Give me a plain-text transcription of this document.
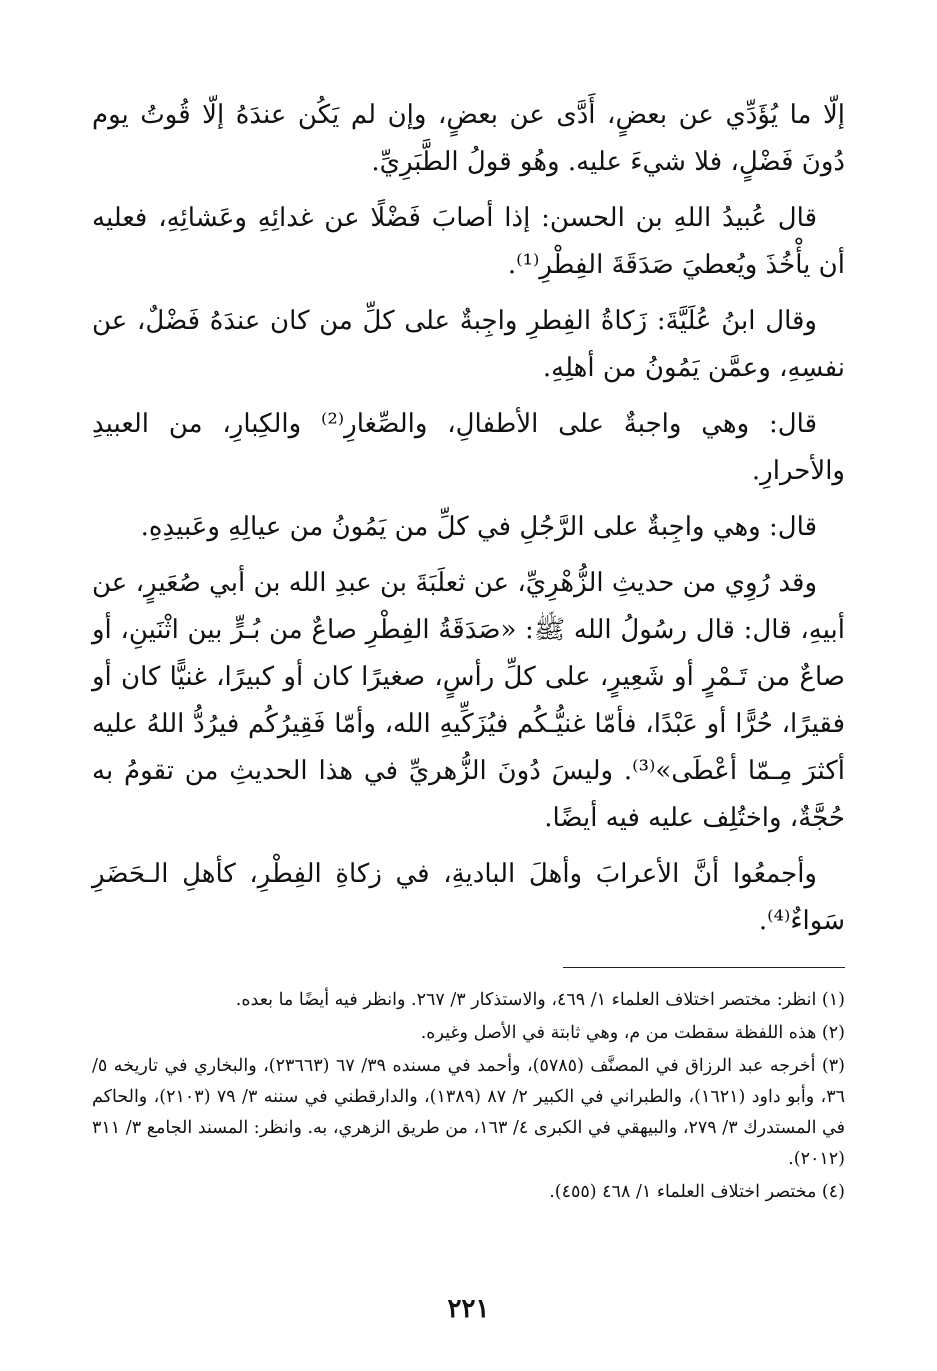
إلّا ما يُؤَدِّي عن بعضٍ، أَدَّى عن بعضٍ، وإن لم يَكُن عندَهُ إلّا قُوتُ يوم دُونَ فَضْلٍ، فلا شيءَ عليه. وهُو قولُ الطَّبَرِيِّ.

قال عُبيدُ اللهِ بن الحسن: إذا أصابَ فَضْلًا عن غدائِهِ وعَشائِهِ، فعليه أن يأْخُذَ ويُعطيَ صَدَقَةَ الفِطْرِ⁽¹⁾.

وقال ابنُ عُلَيَّةَ: زَكاةُ الفِطرِ واجِبةٌ على كلِّ من كان عندَهُ فَضْلٌ، عن نفسِهِ، وعمَّن يَمُونُ من أهلِهِ.

قال: وهي واجبةٌ على الأطفالِ، والصِّغارِ⁽²⁾ والكِبارِ، من العبيدِ والأحرارِ.

قال: وهي واجِبةٌ على الرَّجُلِ في كلِّ من يَمُونُ من عيالِهِ وعَبيدِهِ.

وقد رُوِي من حديثِ الزُّهْرِيِّ، عن ثعلَبَةَ بن عبدِ الله بن أبي صُعَيرٍ، عن أبيهِ، قال: قال رسُولُ الله ﷺ: «صَدَقَةُ الفِطْرِ صاعٌ من بُـرٍّ بين اثْنَينِ، أو صاعٌ من تَـمْرٍ أو شَعِيرٍ، على كلِّ رأسٍ، صغيرًا كان أو كبيرًا، غنيًّا كان أو فقيرًا، حُرًّا أو عَبْدًا، فأمّا غنيُّـكُم فيُزَكِّيهِ الله، وأمّا فَقِيرُكُم فيرُدُّ اللهُ عليه أكثرَ مِـمّا أعْطَى»⁽³⁾. وليسَ دُونَ الزُّهريِّ في هذا الحديثِ من تقومُ به حُجَّةٌ، واختُلِف عليه فيه أيضًا.

وأجمعُوا أنَّ الأعرابَ وأهلَ الباديةِ، في زكاةِ الفِطْرِ، كأهلِ الـحَضَرِ سَواءٌ⁽⁴⁾.

(١) انظر: مختصر اختلاف العلماء ١/ ٤٦٩، والاستذكار ٣/ ٢٦٧. وانظر فيه أيضًا ما بعده.

(٢) هذه اللفظة سقطت من م، وهي ثابتة في الأصل وغيره.

(٣) أخرجه عبد الرزاق في المصنَّف (٥٧٨٥)، وأحمد في مسنده ٣٩/ ٦٧ (٢٣٦٦٣)، والبخاري في تاريخه ٥/ ٣٦، وأبو داود (١٦٢١)، والطبراني في الكبير ٢/ ٨٧ (١٣٨٩)، والدارقطني في سننه ٣/ ٧٩ (٢١٠٣)، والحاكم في المستدرك ٣/ ٢٧٩، والبيهقي في الكبرى ٤/ ١٦٣، من طريق الزهري، به. وانظر: المسند الجامع ٣/ ٣١١ (٢٠١٢).

(٤) مختصر اختلاف العلماء ١/ ٤٦٨ (٤٥٥).

٢٢١
